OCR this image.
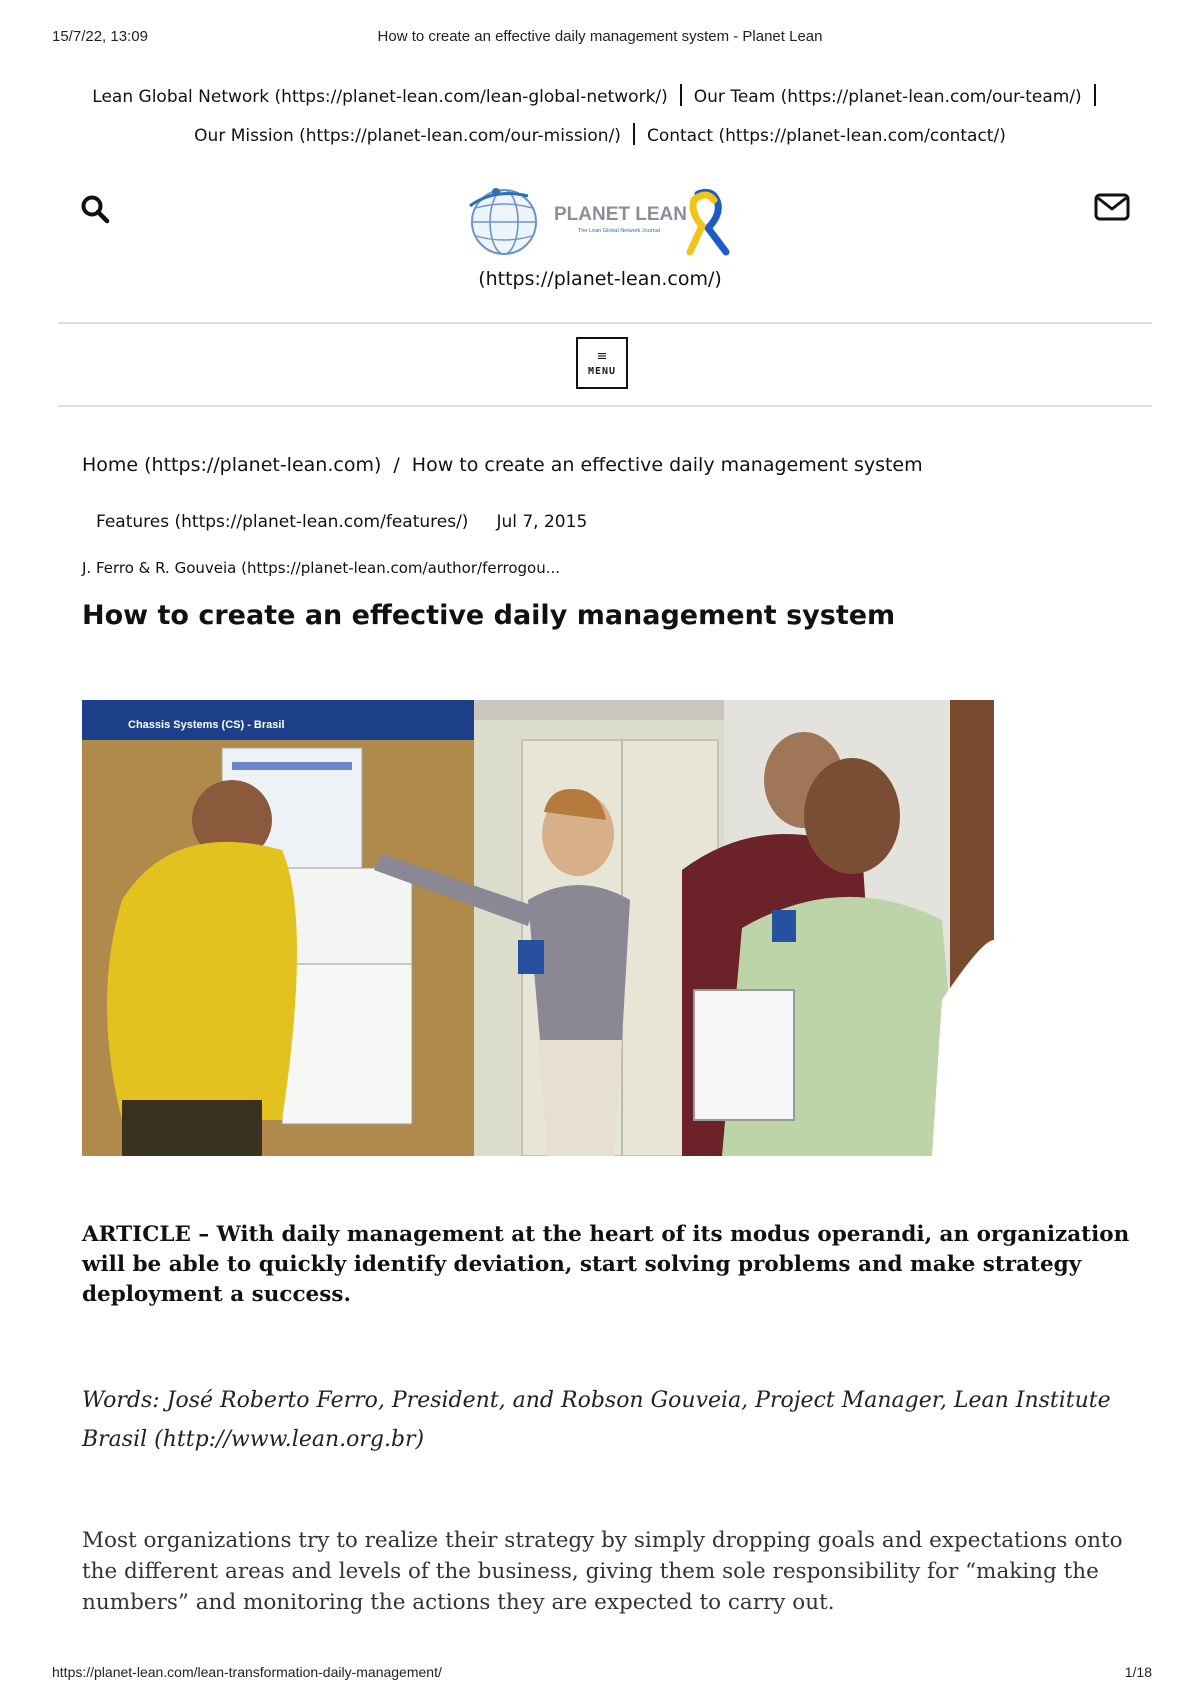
15/7/22, 13:09	How to create an effective daily management system - Planet Lean
Lean Global Network (https://planet-lean.com/lean-global-network/) Our Team (https://planet-lean.com/our-team/)
Our Mission (https://planet-lean.com/our-mission/) Contact (https://planet-lean.com/contact/)
PLANET LEAN
The Lean Global Network Journal
(https://planet-lean.com/)
≡
MENU
Home (https://planet-lean.com) / How to create an effective daily management system
Features (https://planet-lean.com/features/) Jul 7, 2015
J. Ferro & R. Gouveia (https://planet-lean.com/author/ferrogou...
How to create an effective daily management system
Chassis Systems (CS) - Brasil

ARTICLE – With daily management at the heart of its modus operandi, an organization will be able to quickly identify deviation, start solving problems and make strategy deployment a success.

Words: José Roberto Ferro, President, and Robson Gouveia, Project Manager, Lean Institute Brasil (http://www.lean.org.br)

Most organizations try to realize their strategy by simply dropping goals and expectations onto the different areas and levels of the business, giving them sole responsibility for “making the numbers” and monitoring the actions they are expected to carry out.

https://planet-lean.com/lean-transformation-daily-management/	1/18
